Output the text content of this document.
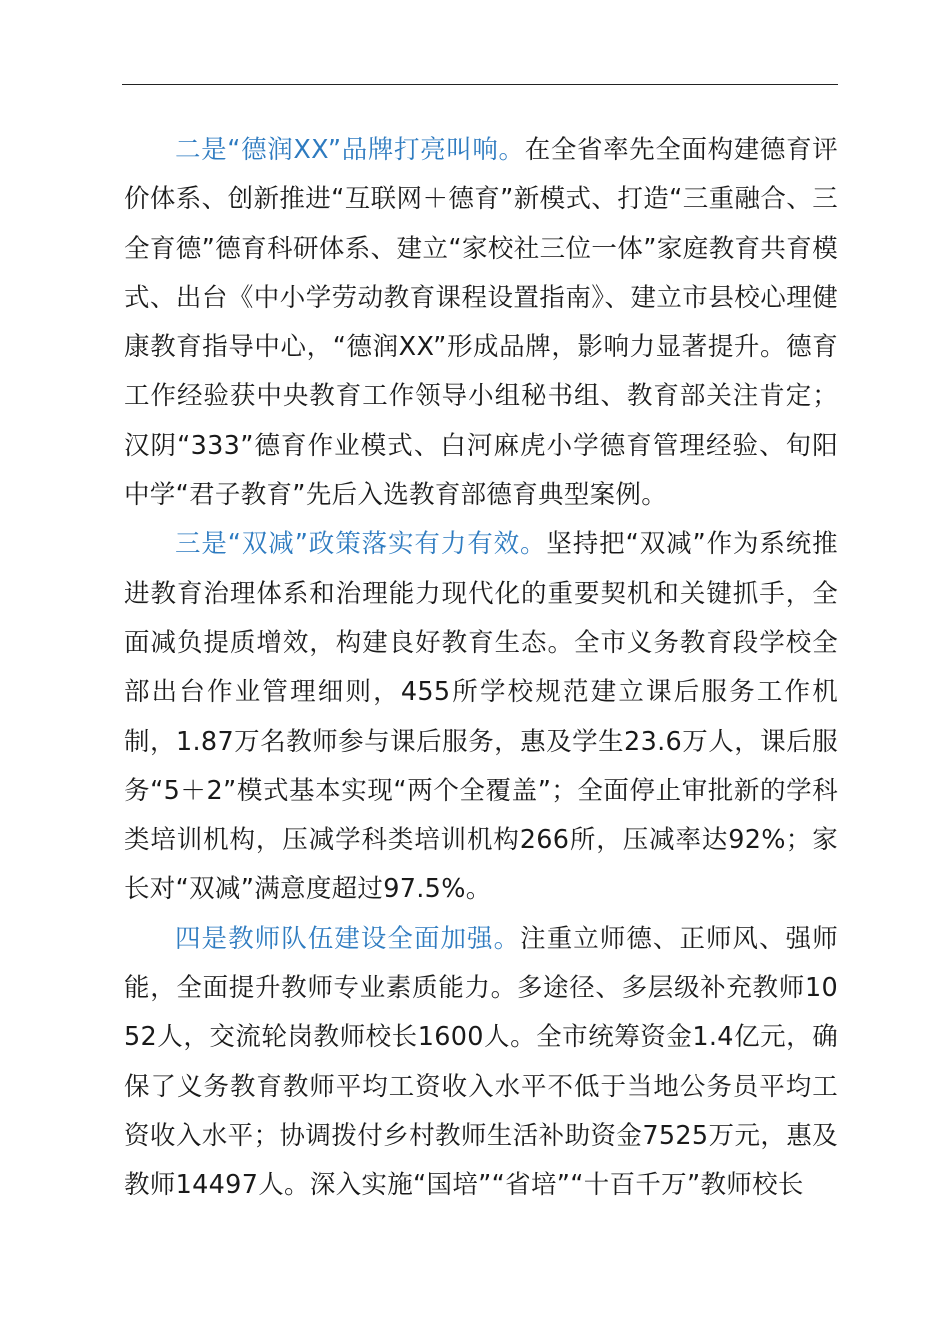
二是“德润XX”品牌打亮叫响。在全省率先全面构建德育评价体系、创新推进“互联网＋德育”新模式、打造“三重融合、三全育德”德育科研体系、建立“家校社三位一体”家庭教育共育模式、出台《中小学劳动教育课程设置指南》、建立市县校心理健康教育指导中心，“德润XX”形成品牌，影响力显著提升。德育工作经验获中央教育工作领导小组秘书组、教育部关注肯定；汉阴“333”德育作业模式、白河麻虎小学德育管理经验、旬阳中学“君子教育”先后入选教育部德育典型案例。

三是“双减”政策落实有力有效。坚持把“双减”作为系统推进教育治理体系和治理能力现代化的重要契机和关键抓手，全面减负提质增效，构建良好教育生态。全市义务教育段学校全部出台作业管理细则，455所学校规范建立课后服务工作机制，1.87万名教师参与课后服务，惠及学生23.6万人，课后服务“5＋2”模式基本实现“两个全覆盖”；全面停止审批新的学科类培训机构，压减学科类培训机构266所，压减率达92%；家长对“双减”满意度超过97.5%。

四是教师队伍建设全面加强。注重立师德、正师风、强师能，全面提升教师专业素质能力。多途径、多层级补充教师1052人，交流轮岗教师校长1600人。全市统筹资金1.4亿元，确保了义务教育教师平均工资收入水平不低于当地公务员平均工资收入水平；协调拨付乡村教师生活补助资金7525万元，惠及教师14497人。深入实施“国培”“省培”“十百千万”教师校长
